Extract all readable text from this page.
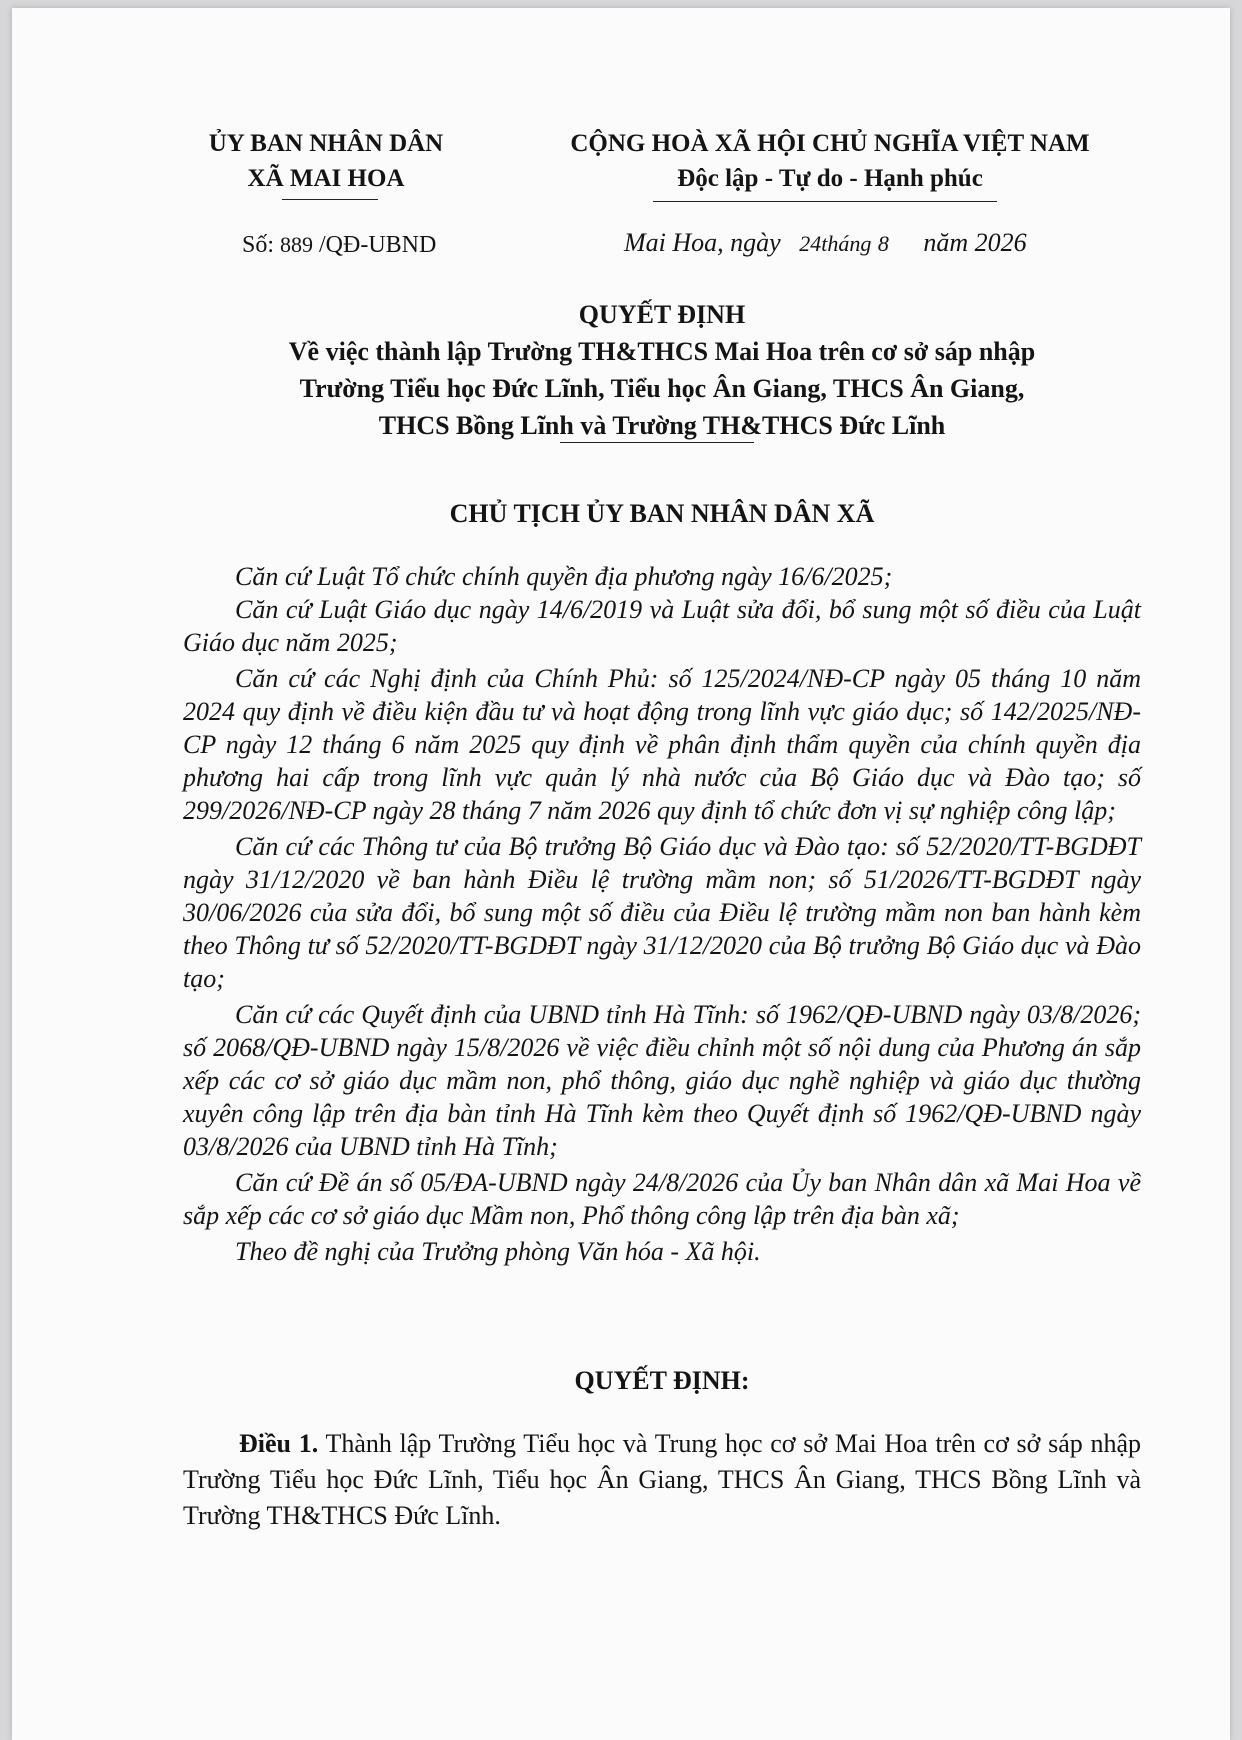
ỦY BAN NHÂN DÂN
XÃ MAI HOA
CỘNG HOÀ XÃ HỘI CHỦ NGHĨA VIỆT NAM
Độc lập - Tự do - Hạnh phúc
Số: 889 /QĐ-UBND	Mai Hoa, ngày 24tháng 8 năm 2026
QUYẾT ĐỊNH
Về việc thành lập Trường TH&THCS Mai Hoa trên cơ sở sáp nhập
Trường Tiểu học Đức Lĩnh, Tiểu học Ân Giang, THCS Ân Giang,
THCS Bồng Lĩnh và Trường TH&THCS Đức Lĩnh
CHỦ TỊCH ỦY BAN NHÂN DÂN XÃ

Căn cứ Luật Tổ chức chính quyền địa phương ngày 16/6/2025;

Căn cứ Luật Giáo dục ngày 14/6/2019 và Luật sửa đổi, bổ sung một số điều của Luật Giáo dục năm 2025;

Căn cứ các Nghị định của Chính Phủ: số 125/2024/NĐ-CP ngày 05 tháng 10 năm 2024 quy định về điều kiện đầu tư và hoạt động trong lĩnh vực giáo dục; số 142/2025/NĐ-CP ngày 12 tháng 6 năm 2025 quy định về phân định thẩm quyền của chính quyền địa phương hai cấp trong lĩnh vực quản lý nhà nước của Bộ Giáo dục và Đào tạo; số 299/2026/NĐ-CP ngày 28 tháng 7 năm 2026 quy định tổ chức đơn vị sự nghiệp công lập;

Căn cứ các Thông tư của Bộ trưởng Bộ Giáo dục và Đào tạo: số 52/2020/TT-BGDĐT ngày 31/12/2020 về ban hành Điều lệ trường mầm non; số 51/2026/TT-BGDĐT ngày 30/06/2026 của sửa đổi, bổ sung một số điều của Điều lệ trường mầm non ban hành kèm theo Thông tư số 52/2020/TT-BGDĐT ngày 31/12/2020 của Bộ trưởng Bộ Giáo dục và Đào tạo;

Căn cứ các Quyết định của UBND tỉnh Hà Tĩnh: số 1962/QĐ-UBND ngày 03/8/2026; số 2068/QĐ-UBND ngày 15/8/2026 về việc điều chỉnh một số nội dung của Phương án sắp xếp các cơ sở giáo dục mầm non, phổ thông, giáo dục nghề nghiệp và giáo dục thường xuyên công lập trên địa bàn tỉnh Hà Tĩnh kèm theo Quyết định số 1962/QĐ-UBND ngày 03/8/2026 của UBND tỉnh Hà Tĩnh;

Căn cứ Đề án số 05/ĐA-UBND ngày 24/8/2026 của Ủy ban Nhân dân xã Mai Hoa về sắp xếp các cơ sở giáo dục Mầm non, Phổ thông công lập trên địa bàn xã;

Theo đề nghị của Trưởng phòng Văn hóa - Xã hội.

QUYẾT ĐỊNH:
Điều 1. Thành lập Trường Tiểu học và Trung học cơ sở Mai Hoa trên cơ sở sáp nhập Trường Tiểu học Đức Lĩnh, Tiểu học Ân Giang, THCS Ân Giang, THCS Bồng Lĩnh và Trường TH&THCS Đức Lĩnh.
